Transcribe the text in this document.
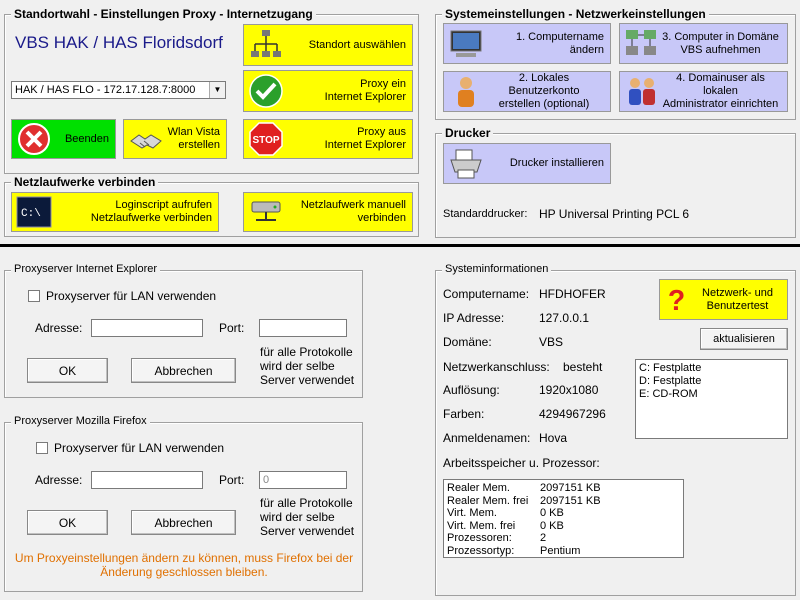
Standortwahl - Einstellungen Proxy - Internetzugang
VBS HAK / HAS Floridsdorf	Standort auswählen
HAK / HAS FLO - 172.17.128.7:8000	▼	Proxy ein
Internet Explorer
Beenden
Wlan Vista
erstellen	STOP
Proxy aus
Internet Explorer
Netzlaufwerke verbinden
C:\
Loginscript aufrufen
Netzlaufwerke verbinden
Netzlaufwerk manuell
verbinden
Systemeinstellungen - Netzwerkeinstellungen
1. Computername ändern
3. Computer in Domäne
VBS aufnehmen
2. Lokales Benutzerkonto
erstellen (optional)
4. Domainuser als lokalen
Administrator einrichten
Drucker
Drucker installieren
Standarddrucker: HP Universal Printing PCL 6
Proxyserver Internet Explorer
Proxyserver für LAN verwenden
Adresse:	Port:
für alle Protokolle
wird der selbe
Server verwendet
OK	Abbrechen
Proxyserver Mozilla Firefox
Proxyserver für LAN verwenden
Adresse:	Port:	0
für alle Protokolle
wird der selbe
Server verwendet
OK	Abbrechen
Um Proxyeinstellungen ändern zu können, muss Firefox bei der
Änderung geschlossen bleiben.
Systeminformationen
Computername: HFDHOFER
IP Adresse:	127.0.0.1
Domäne:	VBS
Netzwerkanschluss: besteht
Auflösung:	1920x1080
Farben:	4294967296
Anmeldenamen: Hova
Arbeitsspeicher u. Prozessor:
?	Netzwerk- und
Benutzertest
aktualisieren
C: Festplatte
D: Festplatte
E: CD-ROM
Realer Mem.	2097151 KB
Realer Mem. frei 2097151 KB
Virt. Mem.	0 KB
Virt. Mem. frei 0 KB
Prozessoren:	2
Prozessortyp: Pentium
